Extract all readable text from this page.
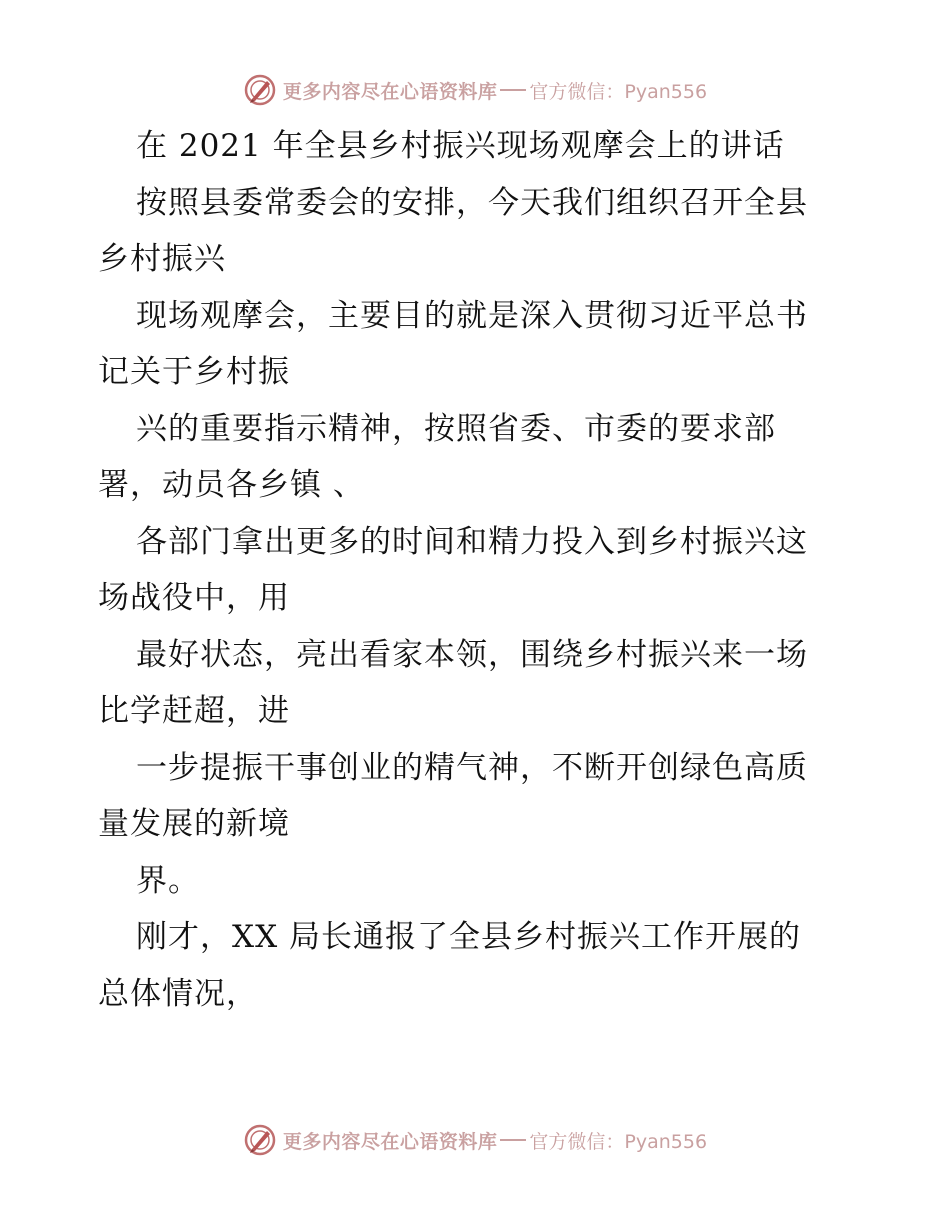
更多内容尽在心语资料库 官方微信：Pyan556
在 2021 年全县乡村振兴现场观摩会上的讲话
按照县委常委会的安排，今天我们组织召开全县
乡村振兴
现场观摩会，主要目的就是深入贯彻习近平总书
记关于乡村振
兴的重要指示精神，按照省委、市委的要求部
署，动员各乡镇 、
各部门拿出更多的时间和精力投入到乡村振兴这
场战役中，用
最好状态，亮出看家本领，围绕乡村振兴来一场
比学赶超，进
一步提振干事创业的精气神，不断开创绿色高质
量发展的新境
界。
刚才，XX 局长通报了全县乡村振兴工作开展的
总体情况，
更多内容尽在心语资料库 官方微信：Pyan556
